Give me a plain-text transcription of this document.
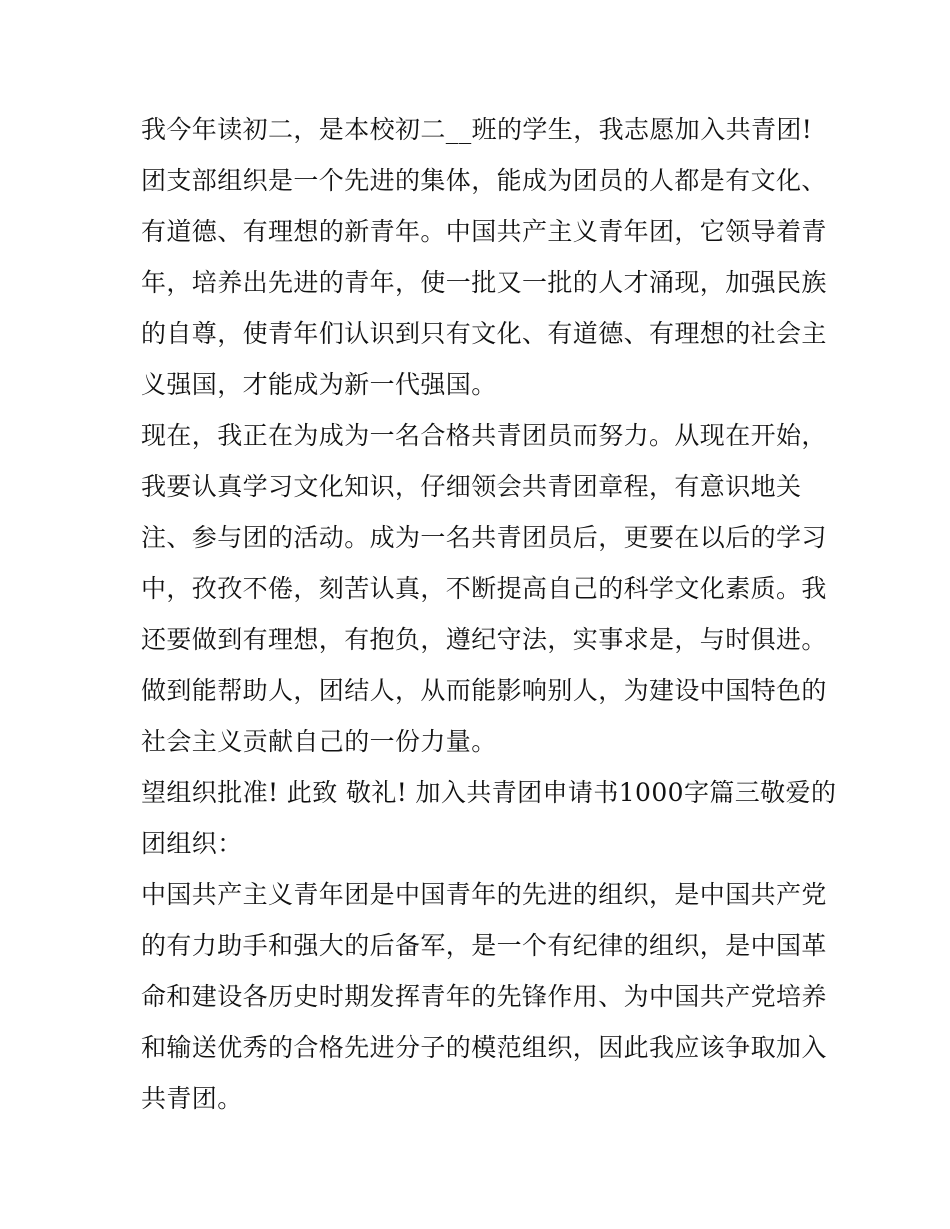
我今年读初二，是本校初二__班的学生，我志愿加入共青团!
团支部组织是一个先进的集体，能成为团员的人都是有文化、
有道德、有理想的新青年。中国共产主义青年团，它领导着青
年，培养出先进的青年，使一批又一批的人才涌现，加强民族
的自尊，使青年们认识到只有文化、有道德、有理想的社会主
义强国，才能成为新一代强国。
现在，我正在为成为一名合格共青团员而努力。从现在开始，
我要认真学习文化知识，仔细领会共青团章程，有意识地关
注、参与团的活动。成为一名共青团员后，更要在以后的学习
中，孜孜不倦，刻苦认真，不断提高自己的科学文化素质。我
还要做到有理想，有抱负，遵纪守法，实事求是，与时俱进。
做到能帮助人，团结人，从而能影响别人，为建设中国特色的
社会主义贡献自己的一份力量。
望组织批准! 此致 敬礼! 加入共青团申请书1000字篇三敬爱的
团组织：
中国共产主义青年团是中国青年的先进的组织，是中国共产党
的有力助手和强大的后备军，是一个有纪律的组织，是中国革
命和建设各历史时期发挥青年的先锋作用、为中国共产党培养
和输送优秀的合格先进分子的模范组织，因此我应该争取加入
共青团。
